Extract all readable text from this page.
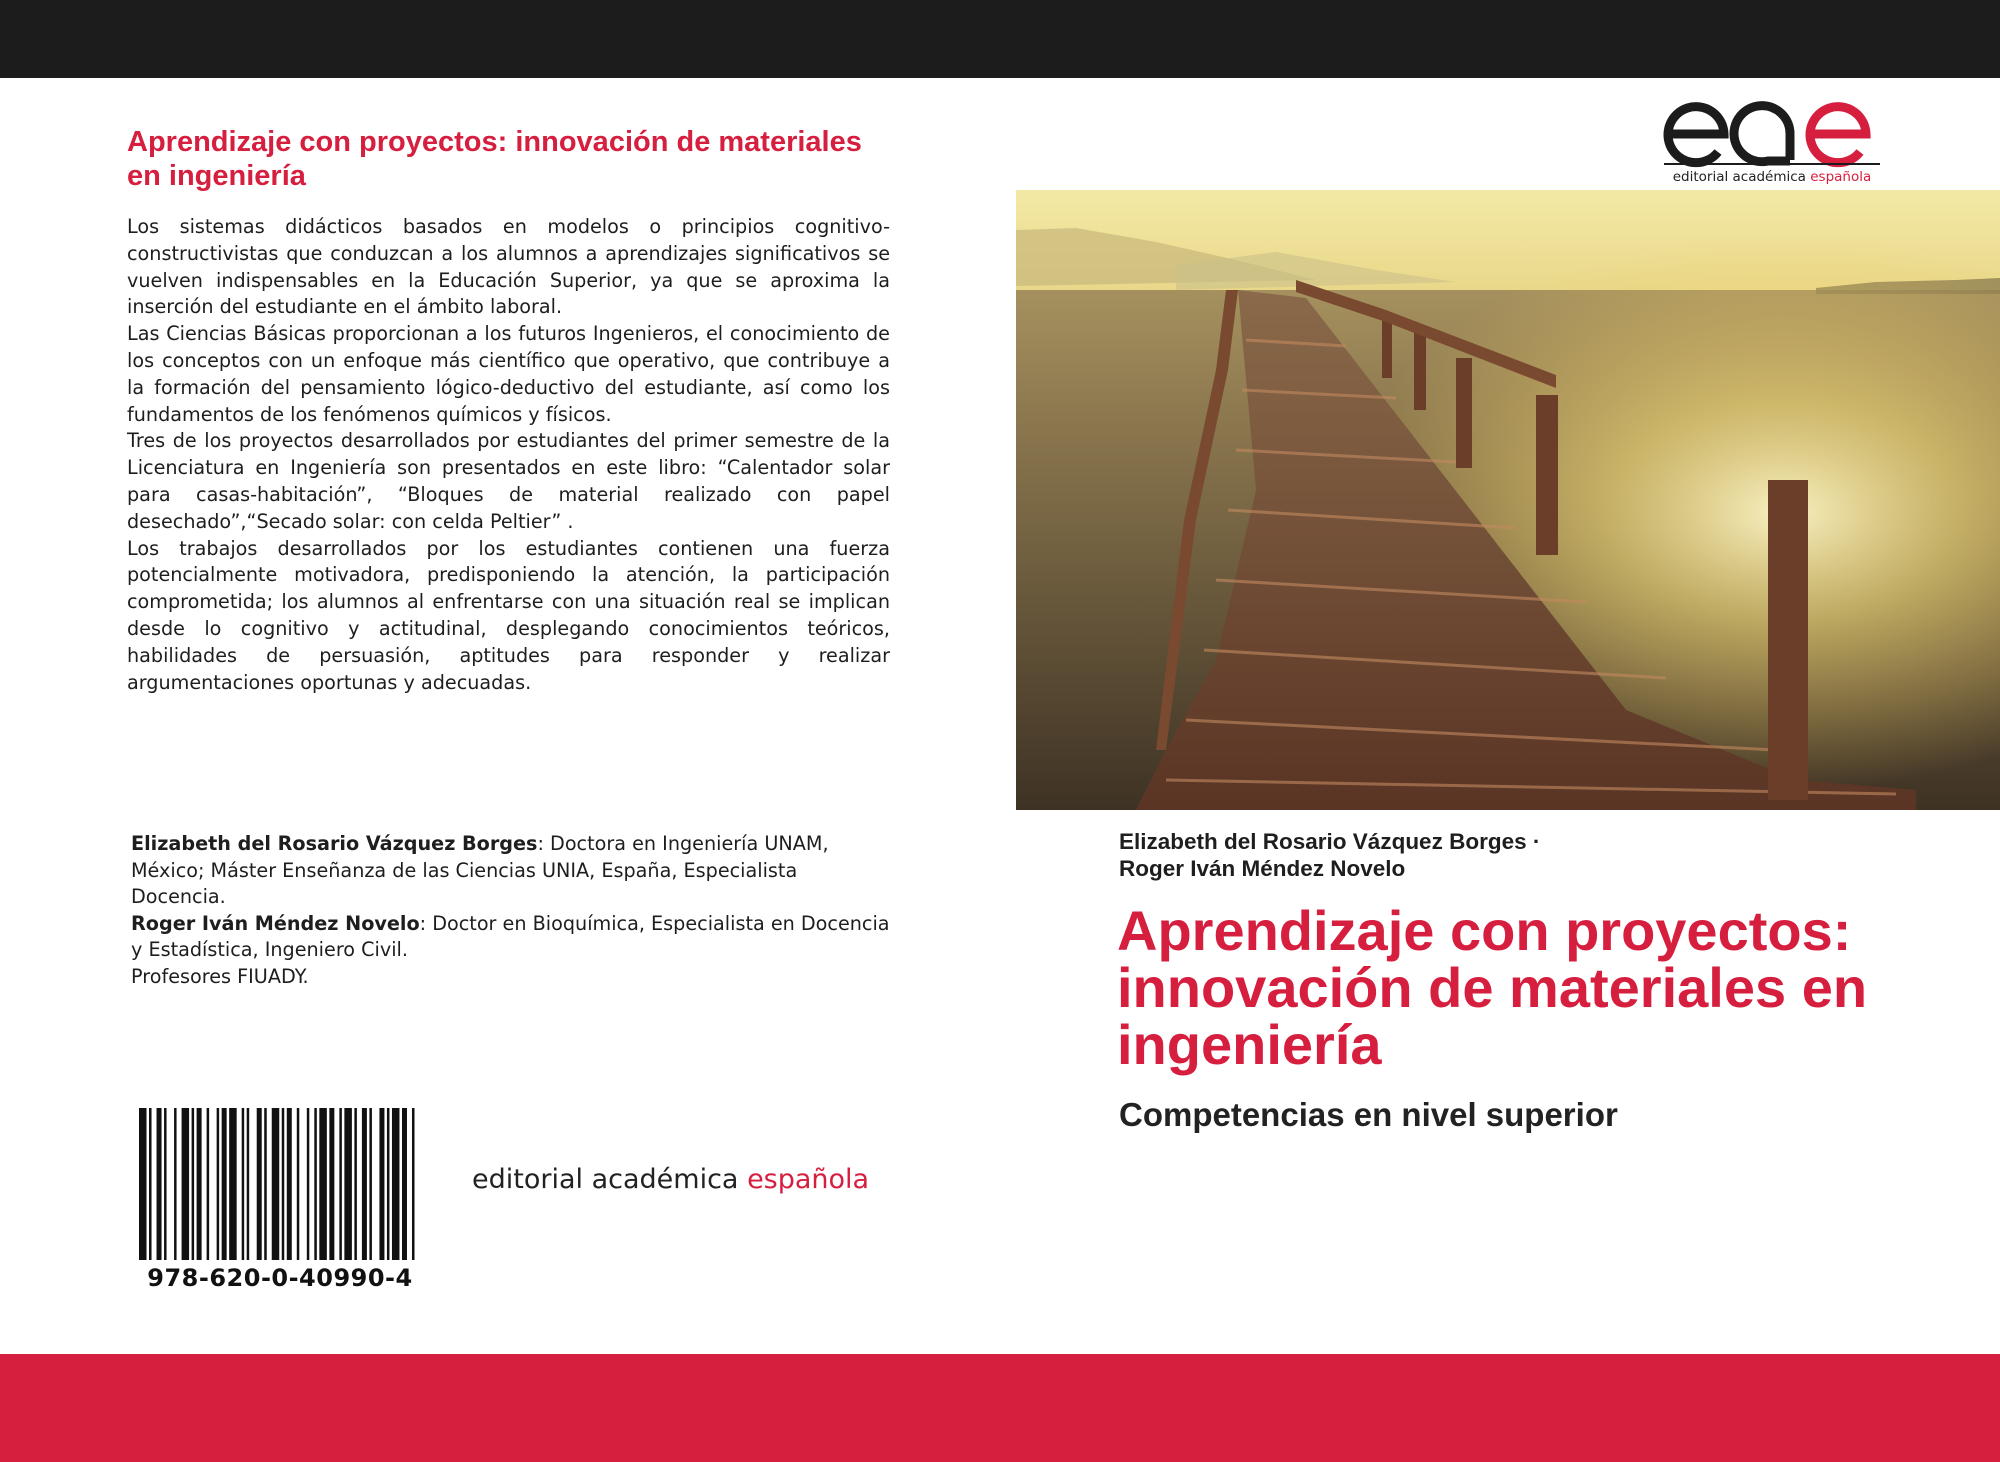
Aprendizaje con proyectos: innovación de materiales en ingeniería

Los sistemas didácticos basados en modelos o principios cognitivo-constructivistas que conduzcan a los alumnos a aprendizajes significativos se vuelven indispensables en la Educación Superior, ya que se aproxima la inserción del estudiante en el ámbito laboral.

Las Ciencias Básicas proporcionan a los futuros Ingenieros, el conocimiento de los conceptos con un enfoque más científico que operativo, que contribuye a la formación del pensamiento lógico-deductivo del estudiante, así como los fundamentos de los fenómenos químicos y físicos.

Tres de los proyectos desarrollados por estudiantes del primer semestre de la Licenciatura en Ingeniería son presentados en este libro: “Calentador solar para casas-habitación”, “Bloques de material realizado con papel desechado”,“Secado solar: con celda Peltier” .

Los trabajos desarrollados por los estudiantes contienen una fuerza potencialmente motivadora, predisponiendo la atención, la participación comprometida; los alumnos al enfrentarse con una situación real se implican desde lo cognitivo y actitudinal, desplegando conocimientos teóricos, habilidades de persuasión, aptitudes para responder y realizar argumentaciones oportunas y adecuadas.

Elizabeth del Rosario Vázquez Borges: Doctora en Ingeniería UNAM, México; Máster Enseñanza de las Ciencias UNIA, España, Especialista Docencia.

Roger Iván Méndez Novelo: Doctor en Bioquímica, Especialista en Docencia y Estadística, Ingeniero Civil.

Profesores FIUADY.

978-620-0-40990-4
editorial académica española
editorial académica española
Elizabeth del Rosario Vázquez Borges ·
Roger Iván Méndez Novelo
Aprendizaje con proyectos: innovación de materiales en ingeniería
Competencias en nivel superior
